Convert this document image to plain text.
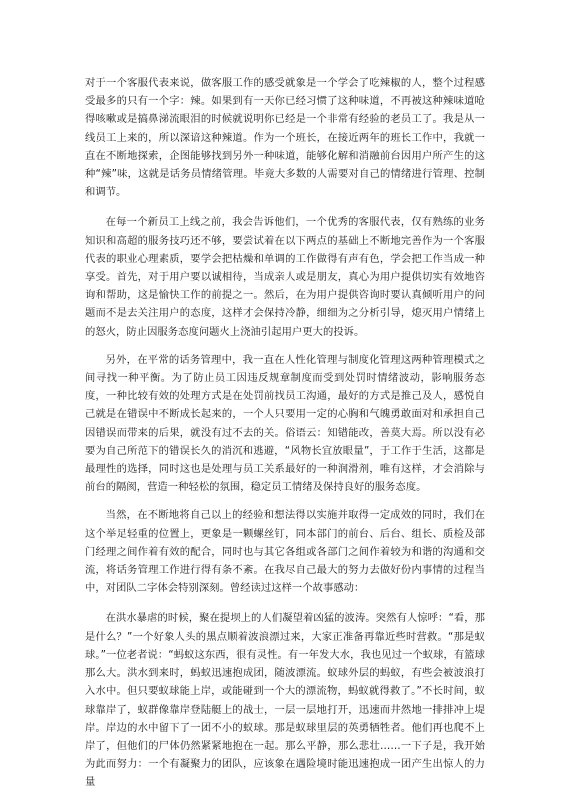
对于一个客服代表来说，做客服工作的感受就象是一个学会了吃辣椒的人，整个过程感受最多的只有一个字：辣。如果到有一天你已经习惯了这种味道，不再被这种辣味道呛得咳嗽或是搞鼻涕流眼泪的时候就说明你已经是一个非常有经验的老员工了。我是从一线员工上来的，所以深谙这种辣道。作为一个班长，在接近两年的班长工作中，我就一直在不断地探索，企图能够找到另外一种味道，能够化解和消融前台因用户所产生的这种“辣”味，这就是话务员情绪管理。毕竟大多数的人需要对自己的情绪进行管理、控制和调节。

在每一个新员工上线之前，我会告诉他们，一个优秀的客服代表，仅有熟练的业务知识和高超的服务技巧还不够，要尝试着在以下两点的基础上不断地完善作为一个客服代表的职业心理素质，要学会把枯燥和单调的工作做得有声有色，学会把工作当成一种享受。首先，对于用户要以诚相待，当成亲人或是朋友，真心为用户提供切实有效地咨询和帮助，这是愉快工作的前提之一。然后，在为用户提供咨询时要认真倾听用户的问题而不是去关注用户的态度，这样才会保持冷静，细细为之分析引导，熄灭用户情绪上的怒火，防止因服务态度问题火上浇油引起用户更大的投诉。

另外，在平常的话务管理中，我一直在人性化管理与制度化管理这两种管理模式之间寻找一种平衡。为了防止员工因违反规章制度而受到处罚时情绪波动，影响服务态度，一种比较有效的处理方式是在处罚前找员工沟通，最好的方式是推己及人，感悦自己就是在错误中不断成长起来的，一个人只要用一定的心胸和气魄勇敢面对和承担自己因错误而带来的后果，就没有过不去的关。俗语云：知错能改，善莫大焉。所以没有必要为自己所范下的错误长久的消沉和逃避，“风物长宜放眼量”，于工作于生活，这都是最理性的选择，同时这也是处理与员工关系最好的一种润滑剂，唯有这样，才会消除与前台的隔阂，营造一种轻松的氛围，稳定员工情绪及保持良好的服务态度。

当然，在不断地将自己以上的经验和想法得以实施并取得一定成效的同时，我们在这个举足轻重的位置上，更象是一颗螺丝钉，同本部门的前台、后台、组长、质检及部门经理之间作着有效的配合，同时也与其它各组或各部门之间作着较为和谐的沟通和交流，将话务管理工作进行得有条不紊。在我尽自己最大的努力去做好份内事情的过程当中，对团队二字体会特别深刻。曾经读过这样一个故事感动：

在洪水暴虐的时候，聚在提坝上的人们凝望着凶猛的波涛。突然有人惊呼：“看，那是什么？”一个好象人头的黑点顺着波浪漂过来，大家正准备再靠近些时营救。“那是蚁球。”一位老者说：“蚂蚁这东西，很有灵性。有一年发大水，我也见过一个蚁球，有篮球那么大。洪水到来时，蚂蚁迅速抱成团，随波漂流。蚁球外层的蚂蚁，有些会被波浪打入水中。但只要蚁球能上岸，或能碰到一个大的漂流物，蚂蚁就得救了。”不长时间，蚁球靠岸了，蚁群像靠岸登陆艇上的战士，一层一层地打开，迅速而井然地一排排冲上堤岸。岸边的水中留下了一团不小的蚁球。那是蚁球里层的英勇牺牲者。他们再也爬不上岸了，但他们的尸体仍然紧紧地抱在一起。那么平静，那么悲壮……一下子是，我开始为此而努力：一个有凝聚力的团队，应该象在遇险境时能迅速抱成一团产生出惊人的力量
